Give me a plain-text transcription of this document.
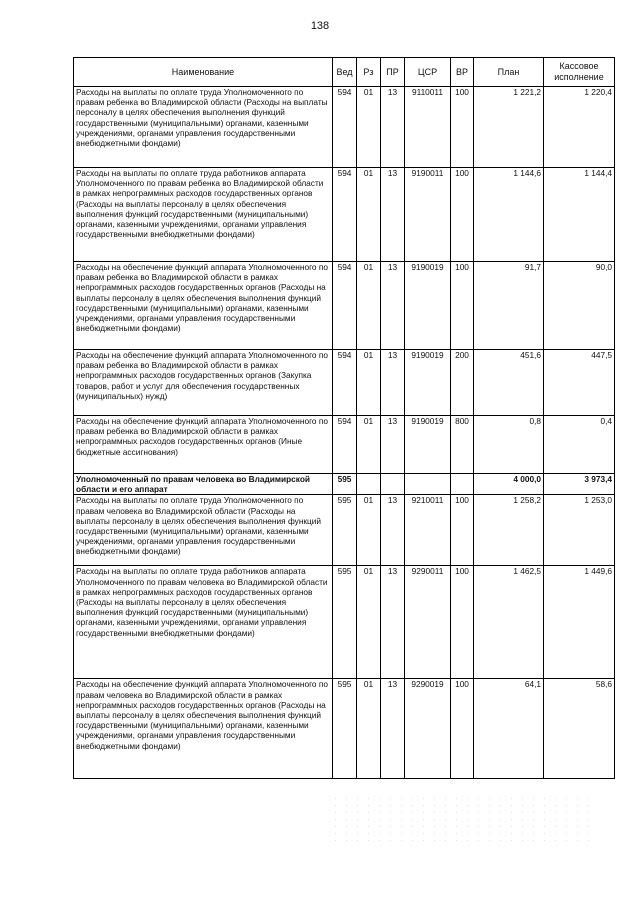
138
Наименование	Вед	Рз	ПР	ЦСР	ВР	План	Кассовое исполнение
Расходы на выплаты по оплате труда Уполномоченного по правам ребенка во Владимирской области (Расходы на выплаты персоналу в целях обеспечения выполнения функций государственными (муниципальными) органами, казенными учреждениями, органами управления государственными внебюджетными фондами)	594	01	13	9110011	100	1 221,2	1 220,4
Расходы на выплаты по оплате труда работников аппарата Уполномоченного по правам ребенка во Владимирской области в рамках непрограммных расходов государственных органов (Расходы на выплаты персоналу в целях обеспечения выполнения функций государственными (муниципальными) органами, казенными учреждениями, органами управления государственными внебюджетными фондами)	594	01	13	9190011	100	1 144,6	1 144,4
Расходы на обеспечение функций аппарата Уполномоченного по правам ребенка во Владимирской области в рамках непрограммных расходов государственных органов (Расходы на выплаты персоналу в целях обеспечения выполнения функций государственными (муниципальными) органами, казенными учреждениями, органами управления государственными внебюджетными фондами)	594	01	13	9190019	100	91,7	90,0
Расходы на обеспечение функций аппарата Уполномоченного по правам ребенка во Владимирской области в рамках непрограммных расходов государственных органов (Закупка товаров, работ и услуг для обеспечения государственных (муниципальных) нужд)	594	01	13	9190019	200	451,6	447,5
Расходы на обеспечение функций аппарата Уполномоченного по правам ребенка во Владимирской области в рамках непрограммных расходов государственных органов (Иные бюджетные ассигнования)	594	01	13	9190019	800	0,8	0,4
Уполномоченный по правам человека во Владимирской области и его аппарат	595					4 000,0	3 973,4
Расходы на выплаты по оплате труда Уполномоченного по правам человека во Владимирской области (Расходы на выплаты персоналу в целях обеспечения выполнения функций государственными (муниципальными) органами, казенными учреждениями, органами управления государственными внебюджетными фондами)	595	01	13	9210011	100	1 258,2	1 253,0
Расходы на выплаты по оплате труда работников аппарата Уполномоченного по правам человека во Владимирской области в рамках непрограммных расходов государственных органов (Расходы на выплаты персоналу в целях обеспечения выполнения функций государственными (муниципальными) органами, казенными учреждениями, органами управления государственными внебюджетными фондами)	595	01	13	9290011	100	1 462,5	1 449,6
Расходы на обеспечение функций аппарата Уполномоченного по правам человека во Владимирской области в рамках непрограммных расходов государственных органов (Расходы на выплаты персоналу в целях обеспечения выполнения функций государственными (муниципальными) органами, казенными учреждениями, органами управления государственными внебюджетными фондами)	595	01	13	9290019	100	64,1	58,6
